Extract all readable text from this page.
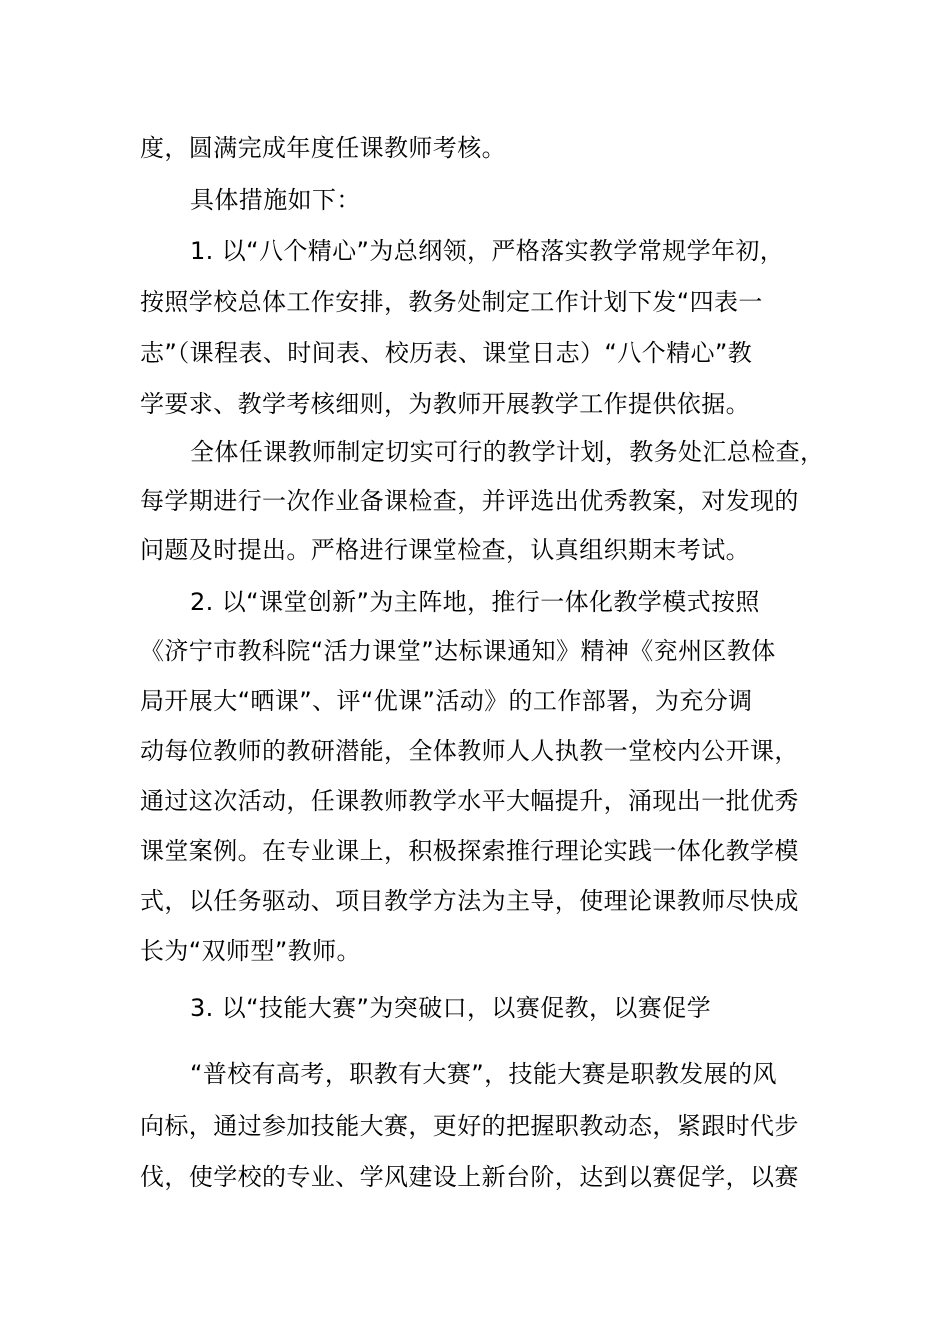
度，圆满完成年度任课教师考核。

具体措施如下：

1. 以“八个精心”为总纲领，严格落实教学常规学年初，

按照学校总体工作安排，教务处制定工作计划下发“四表一

志”（课程表、时间表、校历表、课堂日志）“八个精心”教

学要求、教学考核细则，为教师开展教学工作提供依据。

全体任课教师制定切实可行的教学计划，教务处汇总检查，

每学期进行一次作业备课检查，并评选出优秀教案，对发现的

问题及时提出。严格进行课堂检查，认真组织期末考试。

2. 以“课堂创新”为主阵地，推行一体化教学模式按照

《济宁市教科院“活力课堂”达标课通知》精神《兖州区教体

局开展大“晒课”、评“优课”活动》的工作部署，为充分调

动每位教师的教研潜能，全体教师人人执教一堂校内公开课，

通过这次活动，任课教师教学水平大幅提升，涌现出一批优秀

课堂案例。在专业课上，积极探索推行理论实践一体化教学模

式，以任务驱动、项目教学方法为主导，使理论课教师尽快成

长为“双师型”教师。

3. 以“技能大赛”为突破口，以赛促教，以赛促学

“普校有高考，职教有大赛”，技能大赛是职教发展的风

向标，通过参加技能大赛，更好的把握职教动态，紧跟时代步

伐，使学校的专业、学风建设上新台阶，达到以赛促学，以赛
